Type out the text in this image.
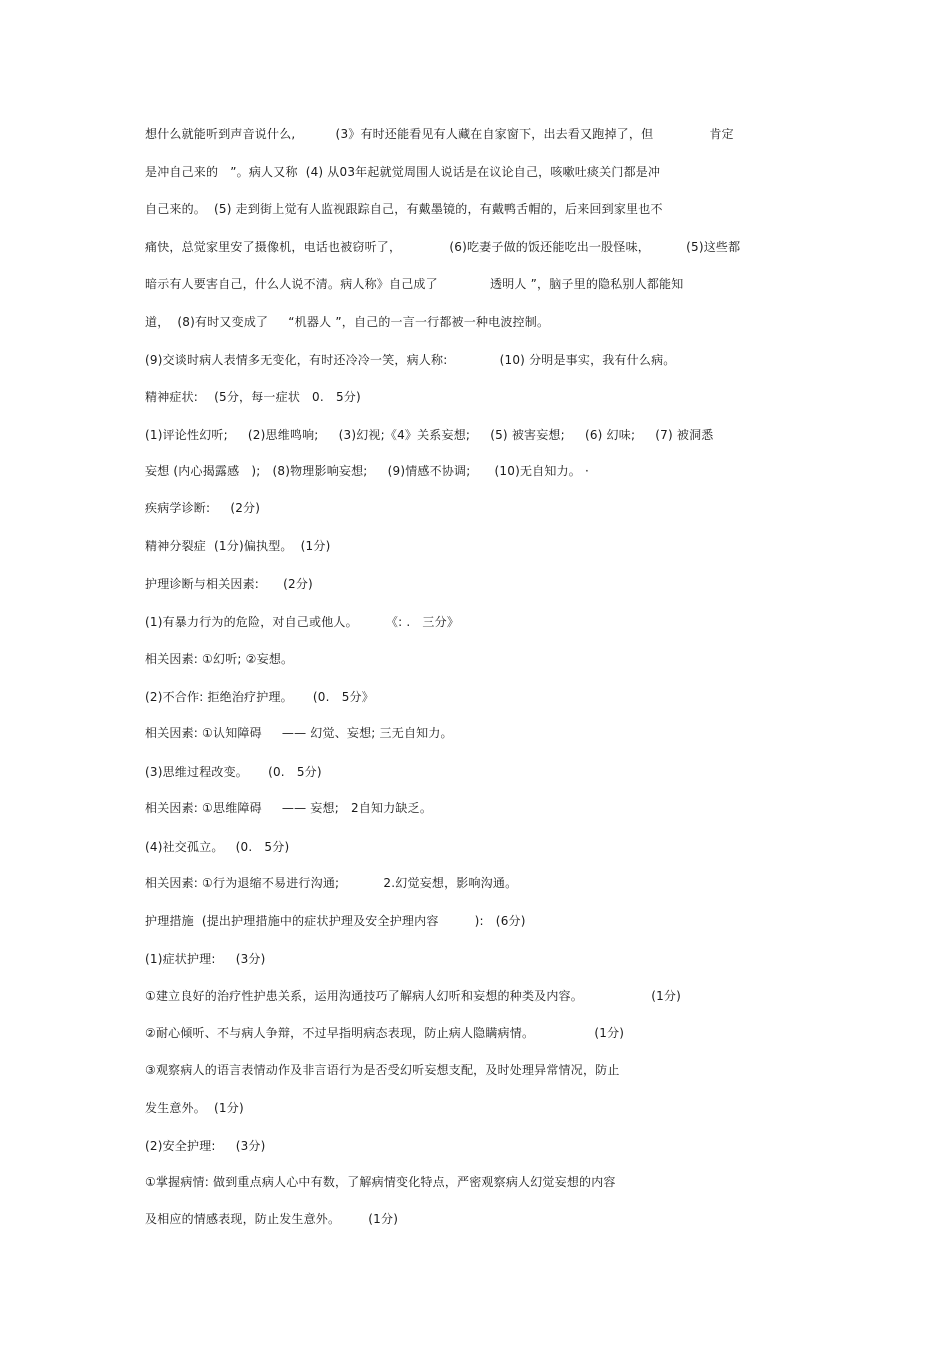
想什么就能听到声音说什么,          (3》有时还能看见有人藏在自家窗下，出去看又跑掉了，但              肯定
是冲自己来的   ”。病人又称  (4) 从03年起就觉周围人说话是在议论自己，咳嗽吐痰关门都是冲
自己来的。  (5) 走到街上觉有人监视跟踪自己，有戴墨镜的，有戴鸭舌帽的，后来回到家里也不
痛快，总觉家里安了摄像机，电话也被窃听了，            (6)吃妻子做的饭还能吃出一股怪味，         (5)这些都
暗示有人要害自己，什么人说不清。病人称》自己成了             透明人 ”，脑子里的隐私别人都能知
道，  (8)有时又变成了     “机器人 ”，自己的一言一行都被一种电波控制。
(9)交谈时病人表情多无变化，有时还冷冷一笑，病人称:             (10) 分明是事实，我有什么病。
精神症状:    (5分，每一症状   0.   5分)
(1)评论性幻听;     (2)思维鸣响;     (3)幻视;《4》关系妄想;     (5) 被害妄想;     (6) 幻味;     (7) 被洞悉
妄想 (内心揭露感   );   (8)物理影响妄想;     (9)情感不协调;      (10)无自知力。 ·
疾病学诊断:     (2分)
精神分裂症  (1分)偏执型。  (1分)
护理诊断与相关因素:      (2分)
(1)有暴力行为的危险，对自己或他人。       《: .   三分》
相关因素: ①幻听; ②妄想。
(2)不合作: 拒绝治疗护理。     (0.   5分》
相关因素: ①认知障碍     —— 幻觉、妄想; 三无自知力。
(3)思维过程改变。     (0.   5分)
相关因素: ①思维障碍     —— 妄想;   2自知力缺乏。
(4)社交孤立。   (0.   5分)
相关因素: ①行为退缩不易进行沟通;           2.幻觉妄想，影响沟通。
护理措施  (提出护理措施中的症状护理及安全护理内容         ):   (6分)
(1)症状护理:     (3分)
①建立良好的治疗性护患关系，运用沟通技巧了解病人幻听和妄想的种类及内容。                 (1分)
②耐心倾听、不与病人争辩，不过早指明病态表现，防止病人隐瞒病情。               (1分)
③观察病人的语言表情动作及非言语行为是否受幻听妄想支配，及时处理异常情况，防止
发生意外。  (1分)
(2)安全护理:     (3分)
①掌握病情: 做到重点病人心中有数，了解病情变化特点，严密观察病人幻觉妄想的内容
及相应的情感表现，防止发生意外。       (1分)
